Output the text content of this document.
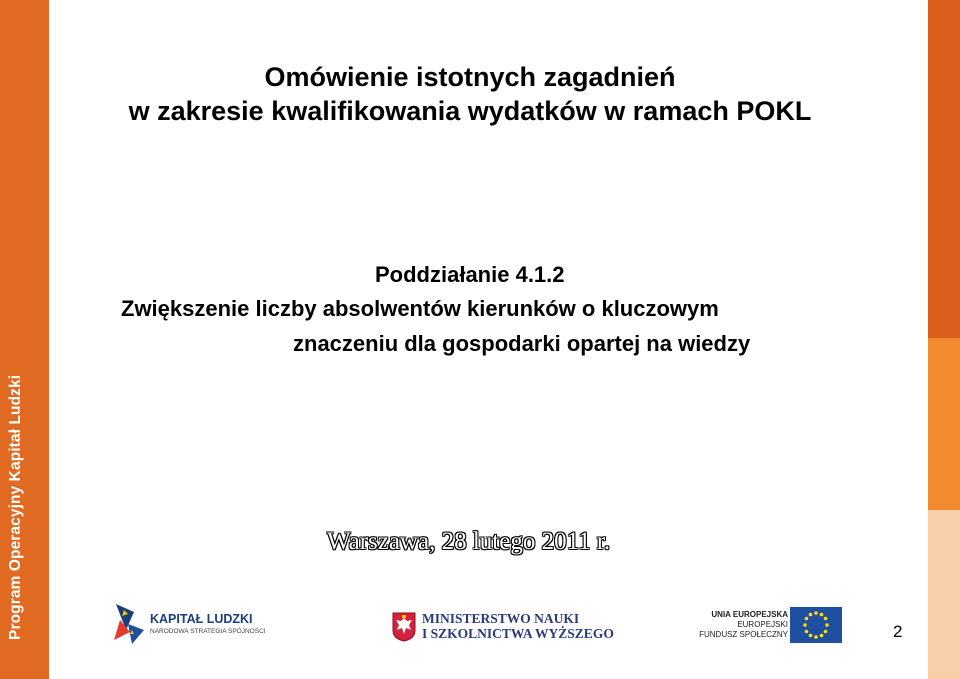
Program Operacyjny Kapitał Ludzki
Omówienie istotnych zagadnień
w zakresie kwalifikowania wydatków w ramach POKL
Poddziałanie 4.1.2
Zwiększenie liczby absolwentów kierunków o kluczowym
znaczeniu dla gospodarki opartej na wiedzy
Warszawa, 28 lutego 2011 r.
KAPITAŁ LUDZKI
NARODOWA STRATEGIA SPÓJNOŚCI
MINISTERSTWO NAUKI
I SZKOLNICTWA WYŻSZEGO
UNIA EUROPEJSKA
EUROPEJSKI
FUNDUSZ SPOŁECZNY	2
